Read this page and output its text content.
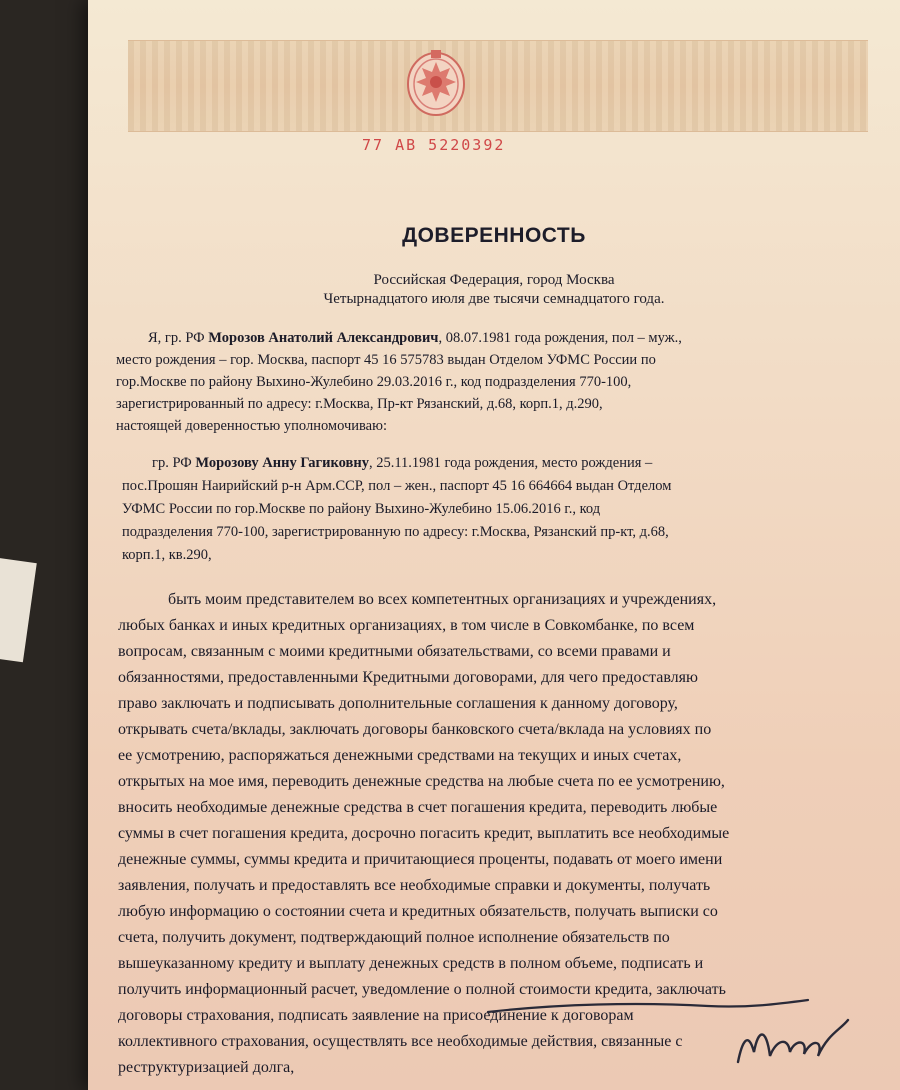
77 АВ 5220392
ДОВЕРЕННОСТЬ
Российская Федерация, город Москва
Четырнадцатого июля две тысячи семнадцатого года.
Я, гр. РФ Морозов Анатолий Александрович, 08.07.1981 года рождения, пол – муж.,
место рождения – гор. Москва, паспорт 45 16 575783 выдан Отделом УФМС России по
гор.Москве по району Выхино-Жулебино 29.03.2016 г., код подразделения 770-100,
зарегистрированный по адресу: г.Москва, Пр-кт Рязанский, д.68, корп.1, д.290,
настоящей доверенностью уполномочиваю:
гр. РФ Морозову Анну Гагиковну, 25.11.1981 года рождения, место рождения –
пос.Прошян Наирийский р-н Арм.ССР, пол – жен., паспорт 45 16 664664 выдан Отделом
УФМС России по гор.Москве по району Выхино-Жулебино 15.06.2016 г., код
подразделения 770-100, зарегистрированную по адресу: г.Москва, Рязанский пр-кт, д.68,
корп.1, кв.290,
быть моим представителем во всех компетентных организациях и учреждениях,
любых банках и иных кредитных организациях, в том числе в Совкомбанке, по всем
вопросам, связанным с моими кредитными обязательствами, со всеми правами и
обязанностями, предоставленными Кредитными договорами, для чего предоставляю
право заключать и подписывать дополнительные соглашения к данному договору,
открывать счета/вклады, заключать договоры банковского счета/вклада на условиях по
ее усмотрению, распоряжаться денежными средствами на текущих и иных счетах,
открытых на мое имя, переводить денежные средства на любые счета по ее усмотрению,
вносить необходимые денежные средства в счет погашения кредита, переводить любые
суммы в счет погашения кредита, досрочно погасить кредит, выплатить все необходимые
денежные суммы, суммы кредита и причитающиеся проценты, подавать от моего имени
заявления, получать и предоставлять все необходимые справки и документы, получать
любую информацию о состоянии счета и кредитных обязательств, получать выписки со
счета, получить документ, подтверждающий полное исполнение обязательств по
вышеуказанному кредиту и выплату денежных средств в полном объеме, подписать и
получить информационный расчет, уведомление о полной стоимости кредита, заключать
договоры страхования, подписать заявление на присоединение к договорам
коллективного страхования, осуществлять все необходимые действия, связанные с
реструктуризацией долга,
